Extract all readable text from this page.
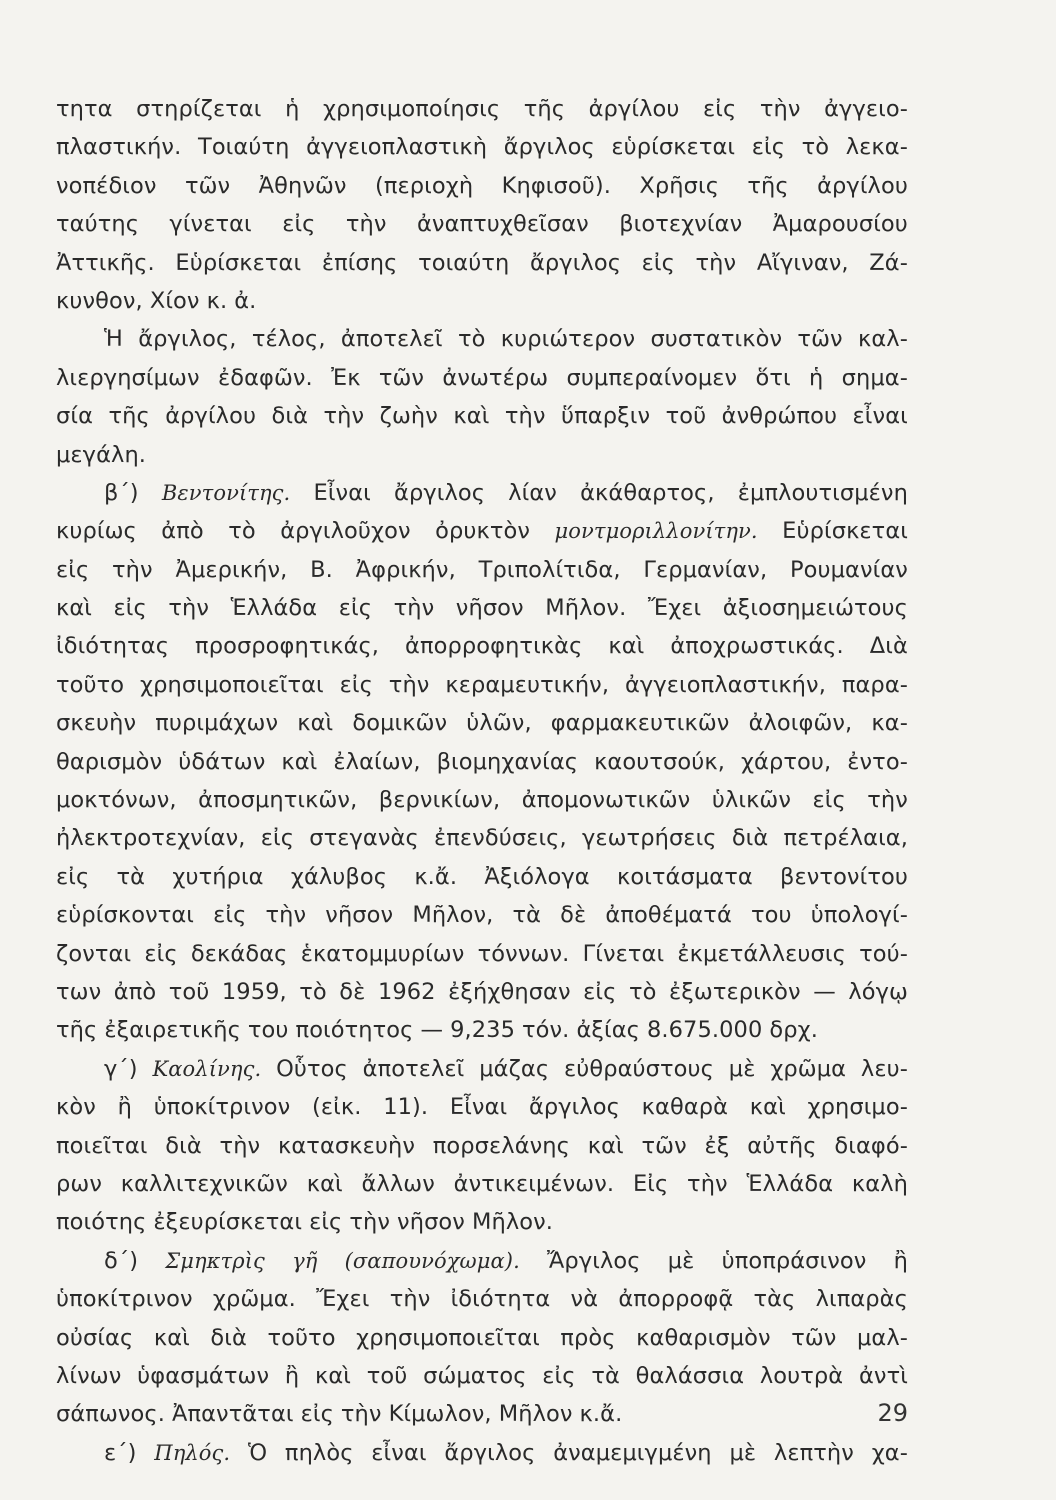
τητα στηρίζεται ἡ χρησιμοποίησις τῆς ἀργίλου εἰς τὴν ἀγγειο-
πλαστικήν. Τοιαύτη ἀγγειοπλαστικὴ ἄργιλος εὑρίσκεται εἰς τὸ λεκα-
νοπέδιον τῶν Ἀθηνῶν (περιοχὴ Κηφισοῦ). Χρῆσις τῆς ἀργίλου
ταύτης γίνεται εἰς τὴν ἀναπτυχθεῖσαν βιοτεχνίαν Ἀμαρουσίου
Ἀττικῆς. Εὑρίσκεται ἐπίσης τοιαύτη ἄργιλος εἰς τὴν Αἴγιναν, Ζά-
κυνθον, Χίον κ. ἀ.
Ἡ ἄργιλος, τέλος, ἀποτελεῖ τὸ κυριώτερον συστατικὸν τῶν καλ-
λιεργησίμων ἐδαφῶν. Ἐκ τῶν ἀνωτέρω συμπεραίνομεν ὅτι ἡ σημα-
σία τῆς ἀργίλου διὰ τὴν ζωὴν καὶ τὴν ὕπαρξιν τοῦ ἀνθρώπου εἶναι
μεγάλη.
β΄) Βεντονίτης. Εἶναι ἄργιλος λίαν ἀκάθαρτος, ἐμπλουτισμένη
κυρίως ἀπὸ τὸ ἀργιλοῦχον ὀρυκτὸν μοντμοριλλονίτην. Εὑρίσκεται
εἰς τὴν Ἀμερικήν, Β. Ἀφρικήν, Τριπολίτιδα, Γερμανίαν, Ρουμανίαν
καὶ εἰς τὴν Ἑλλάδα εἰς τὴν νῆσον Μῆλον. Ἔχει ἀξιοσημειώτους
ἰδιότητας προσροφητικάς, ἀπορροφητικὰς καὶ ἀποχρωστικάς. Διὰ
τοῦτο χρησιμοποιεῖται εἰς τὴν κεραμευτικήν, ἀγγειοπλαστικήν, παρα-
σκευὴν πυριμάχων καὶ δομικῶν ὑλῶν, φαρμακευτικῶν ἀλοιφῶν, κα-
θαρισμὸν ὑδάτων καὶ ἐλαίων, βιομηχανίας καουτσούκ, χάρτου, ἐντο-
μοκτόνων, ἀποσμητικῶν, βερνικίων, ἀπομονωτικῶν ὑλικῶν εἰς τὴν
ἠλεκτροτεχνίαν, εἰς στεγανὰς ἐπενδύσεις, γεωτρήσεις διὰ πετρέλαια,
εἰς τὰ χυτήρια χάλυβος κ.ἄ. Ἀξιόλογα κοιτάσματα βεντονίτου
εὑρίσκονται εἰς τὴν νῆσον Μῆλον, τὰ δὲ ἀποθέματά του ὑπολογί-
ζονται εἰς δεκάδας ἑκατομμυρίων τόννων. Γίνεται ἐκμετάλλευσις τού-
των ἀπὸ τοῦ 1959, τὸ δὲ 1962 ἐξήχθησαν εἰς τὸ ἐξωτερικὸν — λόγῳ
τῆς ἐξαιρετικῆς του ποιότητος — 9,235 τόν. ἀξίας 8.675.000 δρχ.
γ΄) Καολίνης. Οὗτος ἀποτελεῖ μάζας εὐθραύστους μὲ χρῶμα λευ-
κὸν ἢ ὑποκίτρινον (εἰκ. 11). Εἶναι ἄργιλος καθαρὰ καὶ χρησιμο-
ποιεῖται διὰ τὴν κατασκευὴν πορσελάνης καὶ τῶν ἐξ αὐτῆς διαφό-
ρων καλλιτεχνικῶν καὶ ἄλλων ἀντικειμένων. Εἰς τὴν Ἑλλάδα καλὴ
ποιότης ἐξευρίσκεται εἰς τὴν νῆσον Μῆλον.
δ΄) Σμηκτρὶς γῆ (σαπουνόχωμα). Ἄργιλος μὲ ὑποπράσινον ἢ
ὑποκίτρινον χρῶμα. Ἔχει τὴν ἰδιότητα νὰ ἀπορροφᾷ τὰς λιπαρὰς
οὐσίας καὶ διὰ τοῦτο χρησιμοποιεῖται πρὸς καθαρισμὸν τῶν μαλ-
λίνων ὑφασμάτων ἢ καὶ τοῦ σώματος εἰς τὰ θαλάσσια λουτρὰ ἀντὶ
σάπωνος. Ἀπαντᾶται εἰς τὴν Κίμωλον, Μῆλον κ.ἄ.
ε΄) Πηλός. Ὁ πηλὸς εἶναι ἄργιλος ἀναμεμιγμένη μὲ λεπτὴν χα-
29
